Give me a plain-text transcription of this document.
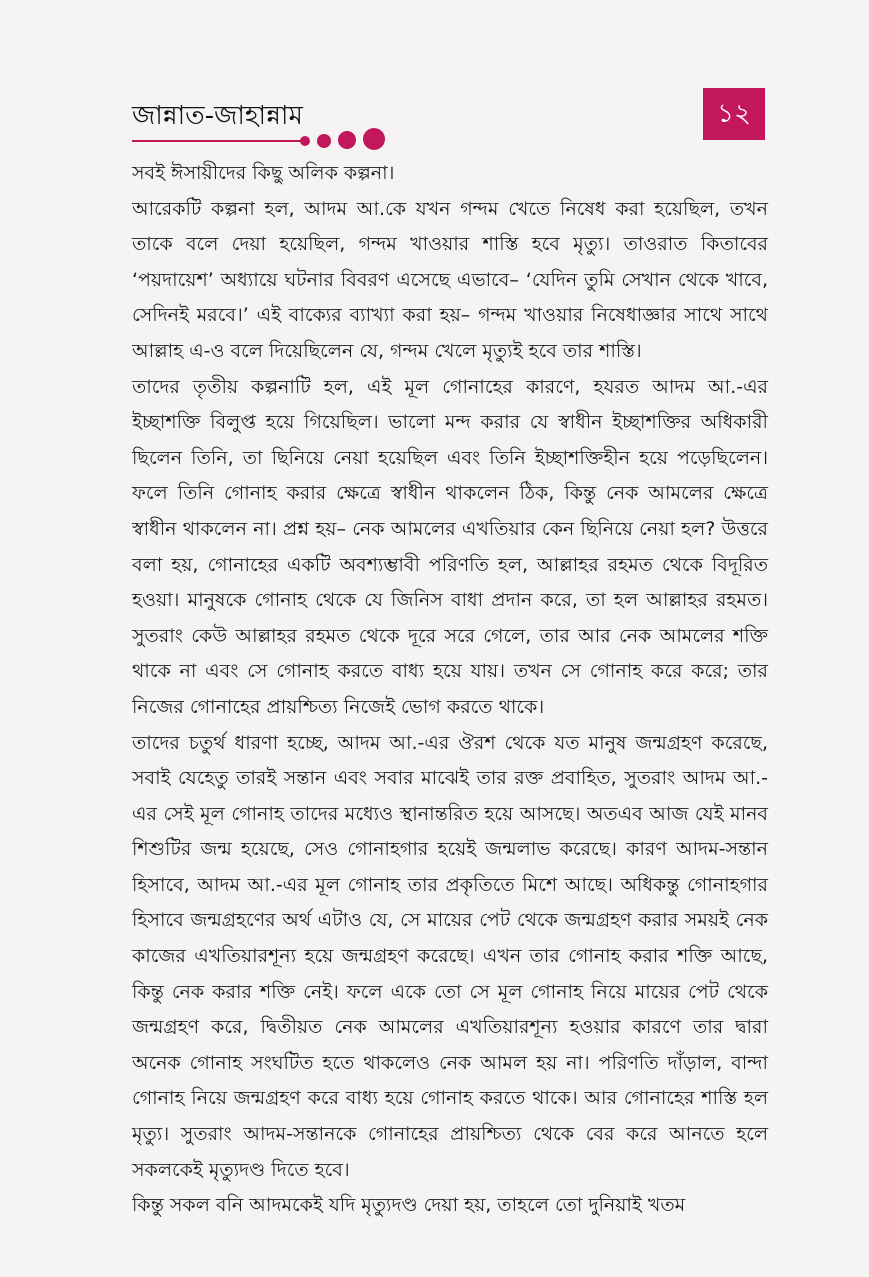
জান্নাত-জাহান্নাম	১২

সবই ঈসায়ীদের কিছু অলিক কল্পনা।

আরেকটি কল্পনা হল, আদম আ.কে যখন গন্দম খেতে নিষেধ করা হয়েছিল, তখন তাকে বলে দেয়া হয়েছিল, গন্দম খাওয়ার শাস্তি হবে মৃত্যু। তাওরাত কিতাবের ‘পয়দায়েশ’ অধ্যায়ে ঘটনার বিবরণ এসেছে এভাবে– ‘যেদিন তুমি সেখান থেকে খাবে, সেদিনই মরবে।’ এই বাক্যের ব্যাখ্যা করা হয়– গন্দম খাওয়ার নিষেধাজ্ঞার সাথে সাথে আল্লাহ এ-ও বলে দিয়েছিলেন যে, গন্দম খেলে মৃত্যুই হবে তার শাস্তি।

তাদের তৃতীয় কল্পনাটি হল, এই মূল গোনাহের কারণে, হযরত আদম আ.-এর ইচ্ছাশক্তি বিলুপ্ত হয়ে গিয়েছিল। ভালো মন্দ করার যে স্বাধীন ইচ্ছাশক্তির অধিকারী ছিলেন তিনি, তা ছিনিয়ে নেয়া হয়েছিল এবং তিনি ইচ্ছাশক্তিহীন হয়ে পড়েছিলেন। ফলে তিনি গোনাহ করার ক্ষেত্রে স্বাধীন থাকলেন ঠিক, কিন্তু নেক আমলের ক্ষেত্রে স্বাধীন থাকলেন না। প্রশ্ন হয়– নেক আমলের এখতিয়ার কেন ছিনিয়ে নেয়া হল? উত্তরে বলা হয়, গোনাহের একটি অবশ্যম্ভাবী পরিণতি হল, আল্লাহর রহমত থেকে বিদূরিত হওয়া। মানুষকে গোনাহ থেকে যে জিনিস বাধা প্রদান করে, তা হল আল্লাহর রহমত। সুতরাং কেউ আল্লাহর রহমত থেকে দূরে সরে গেলে, তার আর নেক আমলের শক্তি থাকে না এবং সে গোনাহ করতে বাধ্য হয়ে যায়। তখন সে গোনাহ করে করে; তার নিজের গোনাহের প্রায়শ্চিত্য নিজেই ভোগ করতে থাকে।

তাদের চতুর্থ ধারণা হচ্ছে, আদম আ.-এর ঔরশ থেকে যত মানুষ জন্মগ্রহণ করেছে, সবাই যেহেতু তারই সন্তান এবং সবার মাঝেই তার রক্ত প্রবাহিত, সুতরাং আদম আ.-এর সেই মূল গোনাহ তাদের মধ্যেও স্থানান্তরিত হয়ে আসছে। অতএব আজ যেই মানব শিশুটির জন্ম হয়েছে, সেও গোনাহগার হয়েই জন্মলাভ করেছে। কারণ আদম-সন্তান হিসাবে, আদম আ.-এর মূল গোনাহ তার প্রকৃতিতে মিশে আছে। অধিকন্তু গোনাহগার হিসাবে জন্মগ্রহণের অর্থ এটাও যে, সে মায়ের পেট থেকে জন্মগ্রহণ করার সময়ই নেক কাজের এখতিয়ারশূন্য হয়ে জন্মগ্রহণ করেছে। এখন তার গোনাহ করার শক্তি আছে, কিন্তু নেক করার শক্তি নেই। ফলে একে তো সে মূল গোনাহ নিয়ে মায়ের পেট থেকে জন্মগ্রহণ করে, দ্বিতীয়ত নেক আমলের এখতিয়ারশূন্য হওয়ার কারণে তার দ্বারা অনেক গোনাহ সংঘটিত হতে থাকলেও নেক আমল হয় না। পরিণতি দাঁড়াল, বান্দা গোনাহ নিয়ে জন্মগ্রহণ করে বাধ্য হয়ে গোনাহ করতে থাকে। আর গোনাহের শাস্তি হল মৃত্যু। সুতরাং আদম-সন্তানকে গোনাহের প্রায়শ্চিত্য থেকে বের করে আনতে হলে সকলকেই মৃত্যুদণ্ড দিতে হবে।

কিন্তু সকল বনি আদমকেই যদি মৃত্যুদণ্ড দেয়া হয়, তাহলে তো দুনিয়াই খতম
